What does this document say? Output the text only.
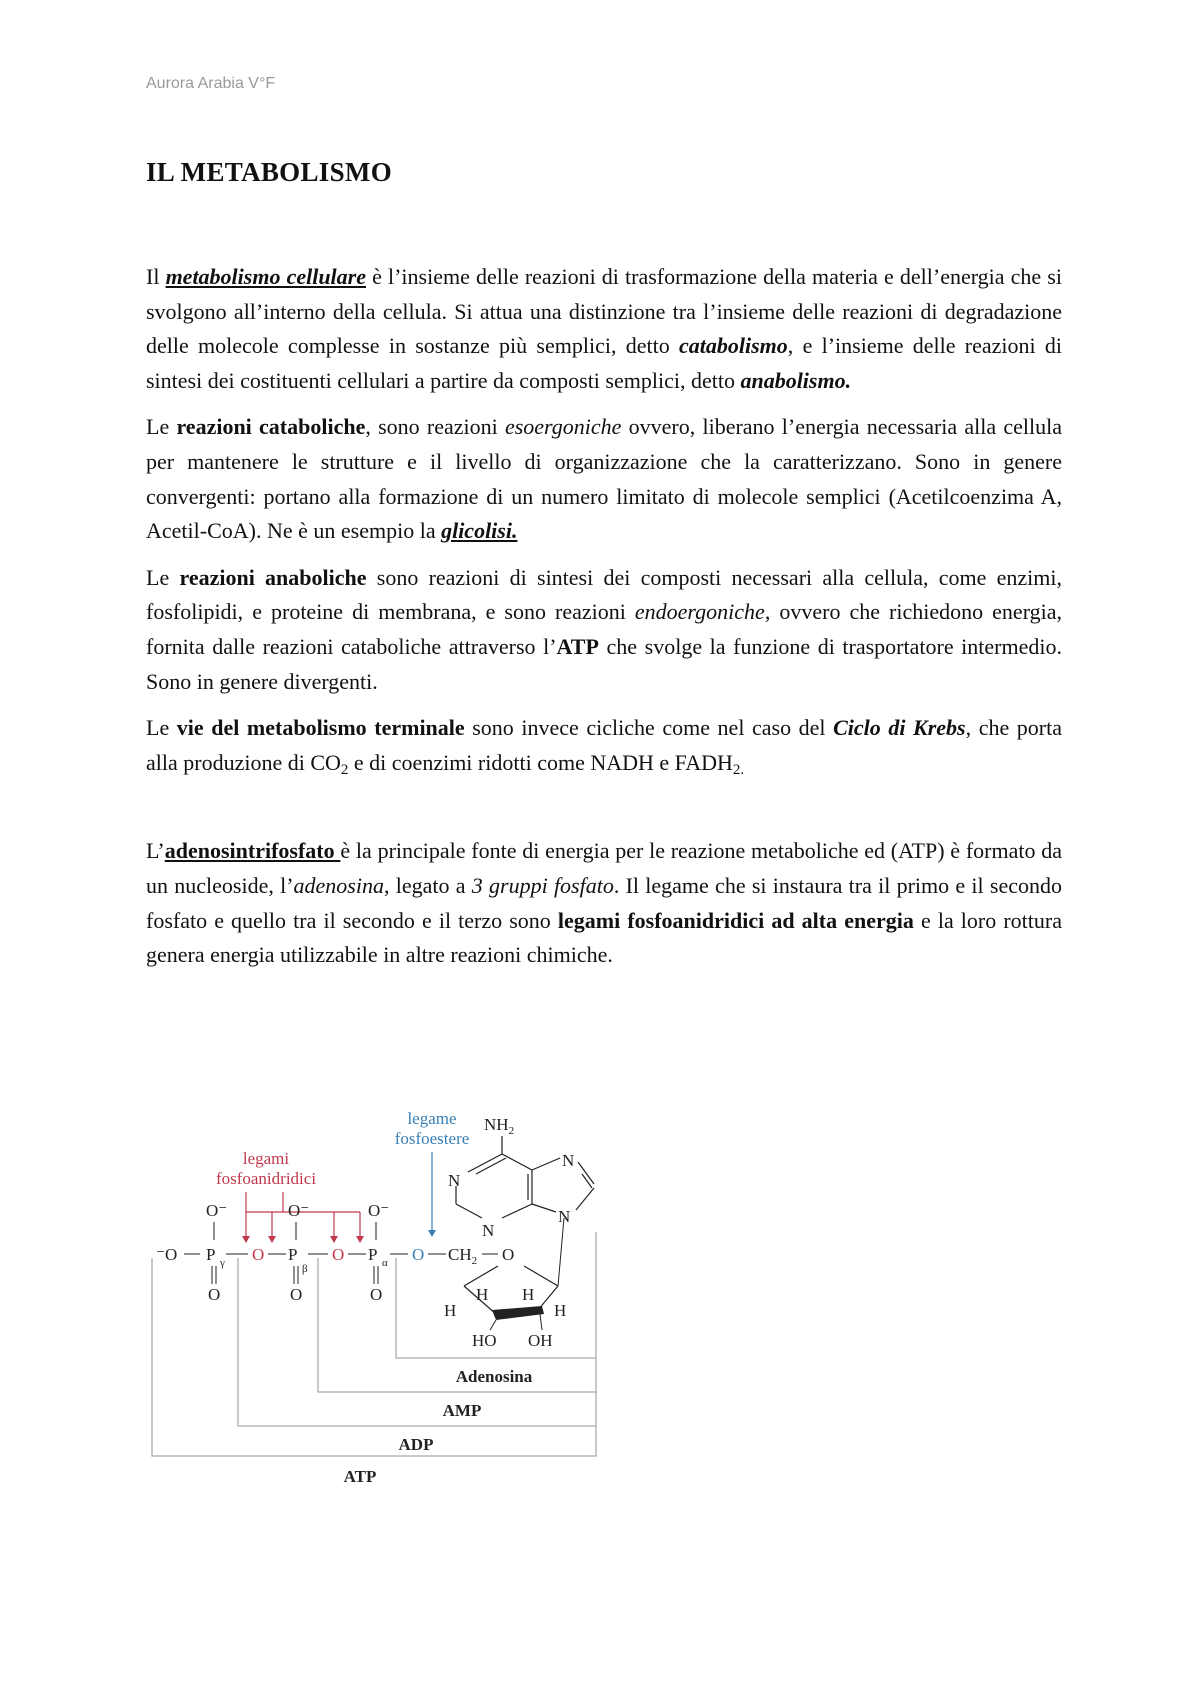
Aurora Arabia V°F
IL METABOLISMO

Il metabolismo cellulare è l’insieme delle reazioni di trasformazione della materia e dell’energia che si svolgono all’interno della cellula. Si attua una distinzione tra l’insieme delle reazioni di degradazione delle molecole complesse in sostanze più semplici, detto catabolismo, e l’insieme delle reazioni di sintesi dei costituenti cellulari a partire da composti semplici, detto anabolismo.

Le reazioni cataboliche, sono reazioni esoergoniche ovvero, liberano l’energia necessaria alla cellula per mantenere le strutture e il livello di organizzazione che la caratterizzano. Sono in genere convergenti: portano alla formazione di un numero limitato di molecole semplici (Acetilcoenzima A, Acetil-CoA). Ne è un esempio la glicolisi.

Le reazioni anaboliche sono reazioni di sintesi dei composti necessari alla cellula, come enzimi, fosfolipidi, e proteine di membrana, e sono reazioni endoergoniche, ovvero che richiedono energia, fornita dalle reazioni cataboliche attraverso l’ATP che svolge la funzione di trasportatore intermedio. Sono in genere divergenti.

Le vie del metabolismo terminale sono invece cicliche come nel caso del Ciclo di Krebs, che porta alla produzione di $CO_2$ e di coenzimi ridotti come NADH e $FADH_{2.}$

L’adenosintrifosfato è la principale fonte di energia per le reazione metaboliche ed (ATP) è formato da un nucleoside, l’adenosina, legato a 3 gruppi fosfato. Il legame che si instaura tra il primo e il secondo fosfato e quello tra il secondo e il terzo sono legami fosfoanidridici ad alta energia e la loro rottura genera energia utilizzabile in altre reazioni chimiche.

legami
fosfoanidridici
legame
fosfoestere
⁻O
O⁻
P γ
O
O
O⁻
P
β
O
O
O⁻
P α
O
O $CH_2$ O
H H
H	H
HO OH
$NH_2$
N
N
N
N
Adenosina
AMP
ADP
ATP
